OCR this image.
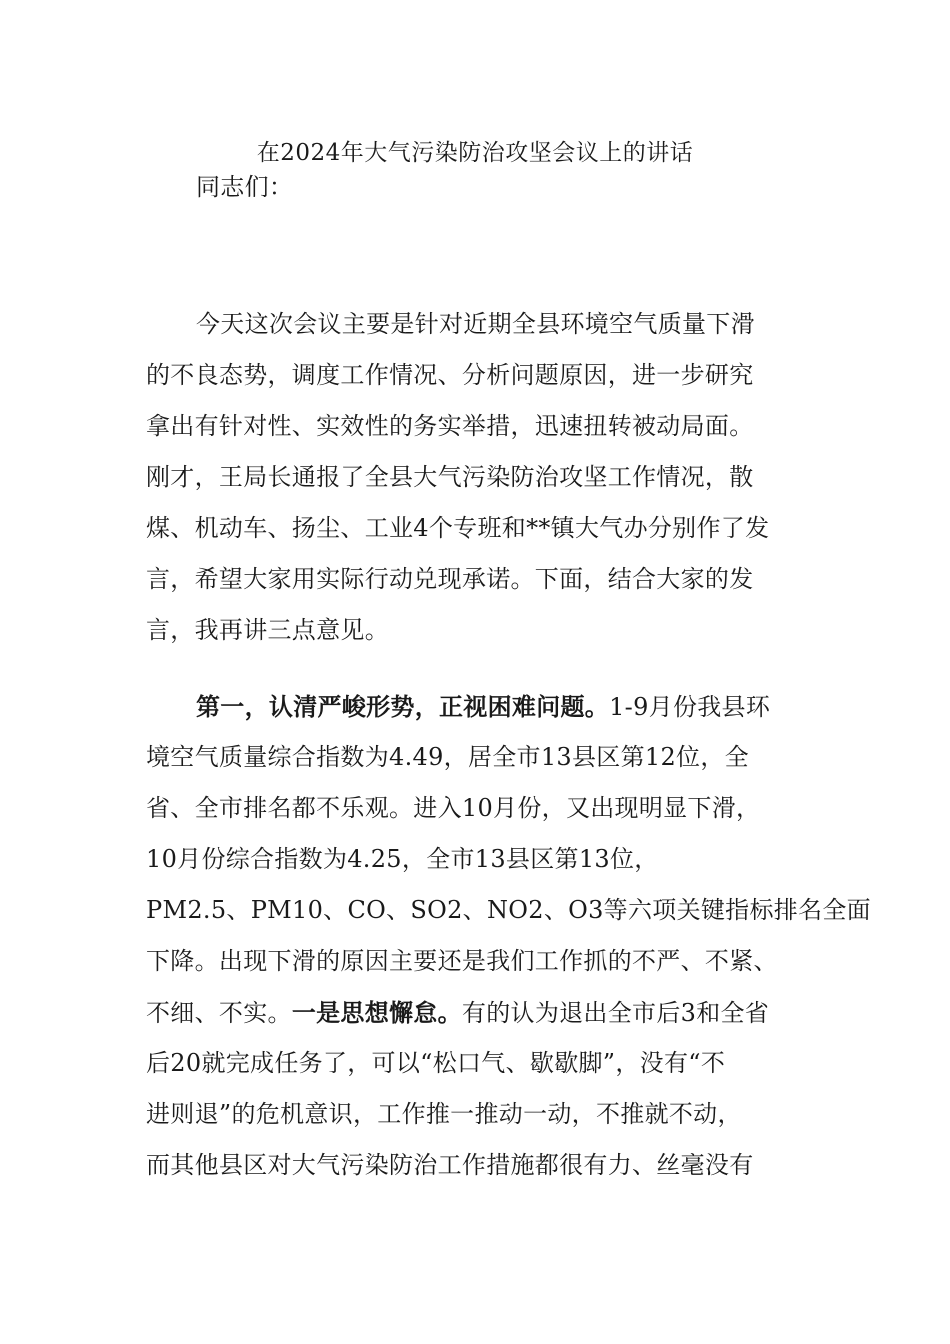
在2024年大气污染防治攻坚会议上的讲话
同志们：
今天这次会议主要是针对近期全县环境空气质量下滑
的不良态势，调度工作情况、分析问题原因，进一步研究
拿出有针对性、实效性的务实举措，迅速扭转被动局面。
刚才，王局长通报了全县大气污染防治攻坚工作情况，散
煤、机动车、扬尘、工业4个专班和**镇大气办分别作了发
言，希望大家用实际行动兑现承诺。下面，结合大家的发
言，我再讲三点意见。
第一，认清严峻形势，正视困难问题。1-9月份我县环
境空气质量综合指数为4.49，居全市13县区第12位，全
省、全市排名都不乐观。进入10月份，又出现明显下滑，
10月份综合指数为4.25，全市13县区第13位，
PM2.5、PM10、CO、SO2、NO2、O3等六项关键指标排名全面
下降。出现下滑的原因主要还是我们工作抓的不严、不紧、
不细、不实。一是思想懈怠。有的认为退出全市后3和全省
后20就完成任务了，可以“松口气、歇歇脚”，没有“不
进则退”的危机意识，工作推一推动一动，不推就不动，
而其他县区对大气污染防治工作措施都很有力、丝毫没有
